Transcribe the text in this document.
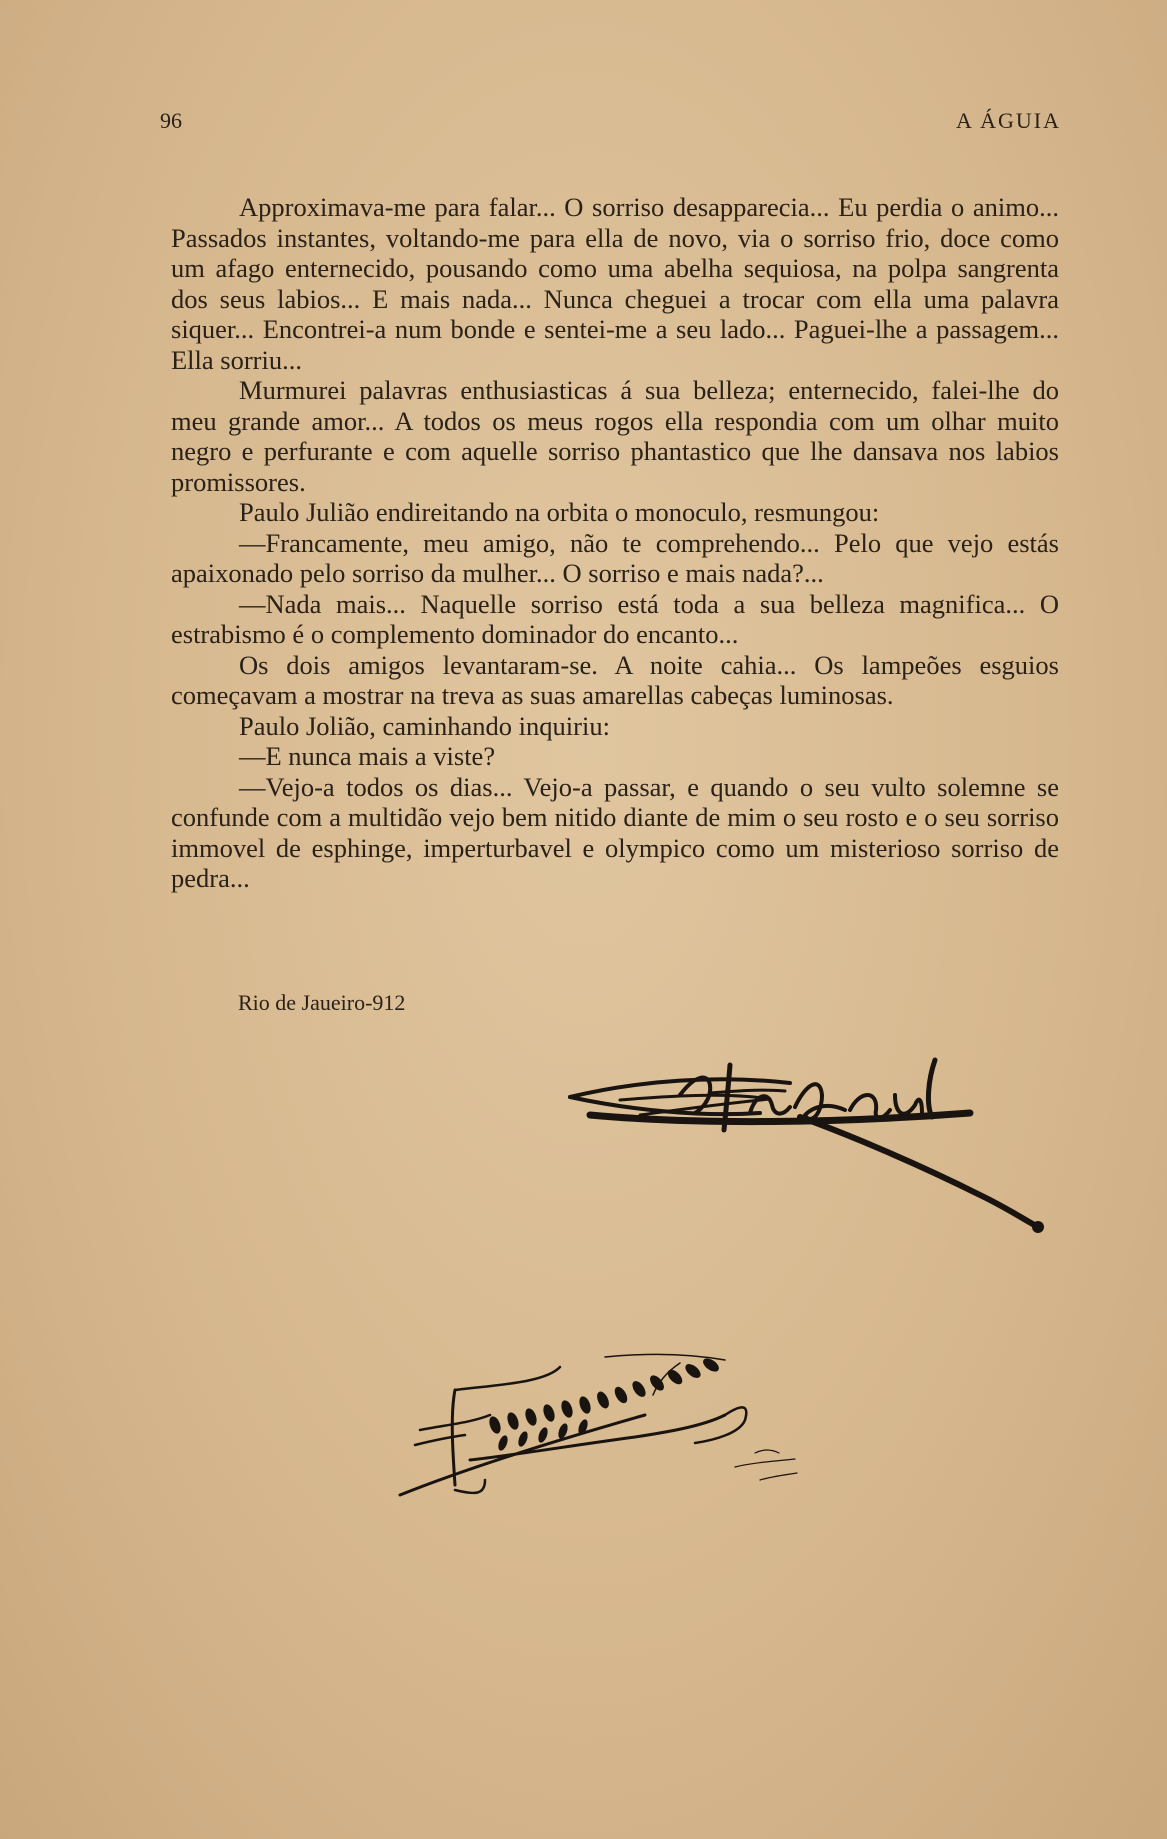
96	A ÁGUIA

Approximava-me para falar... O sorriso desapparecia... Eu perdia o animo... Passados instantes, voltando-me para ella de novo, via o sorriso frio, doce como um afago enternecido, pousando como uma abelha sequiosa, na polpa sangrenta dos seus labios... E mais nada... Nunca cheguei a trocar com ella uma palavra siquer... Encontrei-a num bonde e sentei-me a seu lado... Paguei-lhe a passagem... Ella sorriu...

Murmurei palavras enthusiasticas á sua belleza; enternecido, falei-lhe do meu grande amor... A todos os meus rogos ella respondia com um olhar muito negro e perfurante e com aquelle sorriso phantastico que lhe dansava nos labios promissores.

Paulo Julião endireitando na orbita o monoculo, resmungou:

—Francamente, meu amigo, não te comprehendo... Pelo que vejo estás apaixonado pelo sorriso da mulher... O sorriso e mais nada?...

—Nada mais... Naquelle sorriso está toda a sua belleza magnifica... O estrabismo é o complemento dominador do encanto...

Os dois amigos levantaram-se. A noite cahia... Os lampeões esguios começavam a mostrar na treva as suas amarellas cabeças luminosas.

Paulo Jolião, caminhando inquiriu:

—E nunca mais a viste?

—Vejo-a todos os dias... Vejo-a passar, e quando o seu vulto solemne se confunde com a multidão vejo bem nitido diante de mim o seu rosto e o seu sorriso immovel de esphinge, imperturbavel e olympico como um misterioso sorriso de pedra...

Rio de Jaueiro-912
